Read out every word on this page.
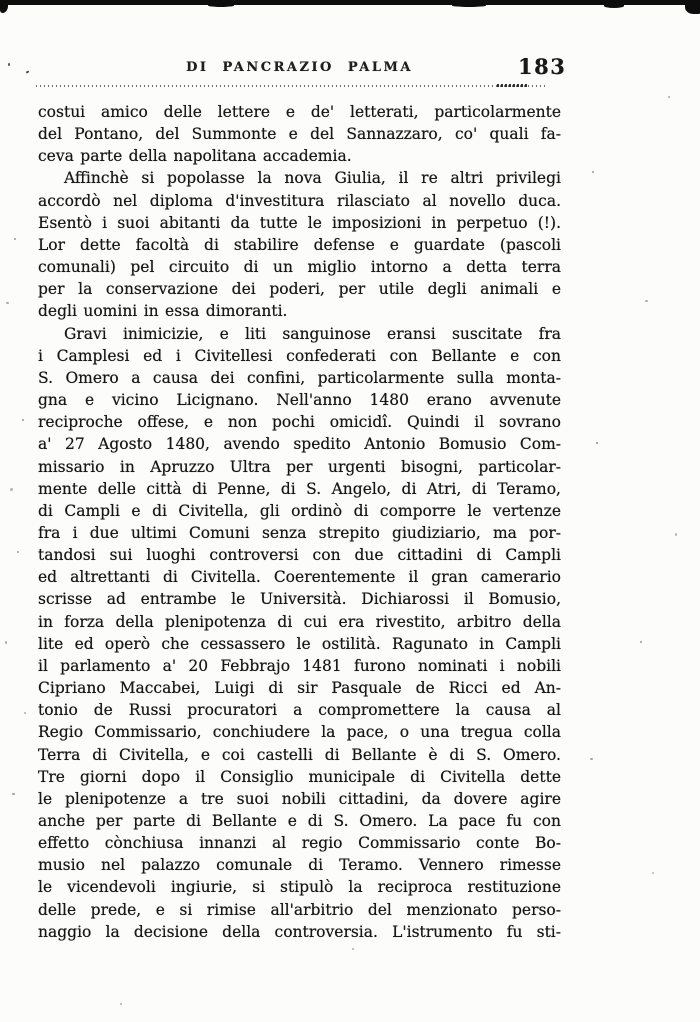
DI PANCRAZIO PALMA	183
costui amico delle lettere e de' letterati, particolarmente
del Pontano, del Summonte e del Sannazzaro, co' quali fa-
ceva parte della napolitana accademia.
Affinchè si popolasse la nova Giulia, il re altri privilegi
accordò nel diploma d'investitura rilasciato al novello duca.
Esentò i suoi abitanti da tutte le imposizioni in perpetuo (!).
Lor dette facoltà di stabilire defense e guardate (pascoli
comunali) pel circuito di un miglio intorno a detta terra
per la conservazione dei poderi, per utile degli animali e
degli uomini in essa dimoranti.
Gravi inimicizie, e liti sanguinose eransi suscitate fra
i Camplesi ed i Civitellesi confederati con Bellante e con
S. Omero a causa dei confini, particolarmente sulla monta-
gna e vicino Licignano. Nell'anno 1480 erano avvenute
reciproche offese, e non pochi omicidî. Quindi il sovrano
a' 27 Agosto 1480, avendo spedito Antonio Bomusio Com-
missario in Apruzzo Ultra per urgenti bisogni, particolar-
mente delle città di Penne, di S. Angelo, di Atri, di Teramo,
di Campli e di Civitella, gli ordinò di comporre le vertenze
fra i due ultimi Comuni senza strepito giudiziario, ma por-
tandosi sui luoghi controversi con due cittadini di Campli
ed altrettanti di Civitella. Coerentemente il gran camerario
scrisse ad entrambe le Università. Dichiarossi il Bomusio,
in forza della plenipotenza di cui era rivestito, arbitro della
lite ed operò che cessassero le ostilità. Ragunato in Campli
il parlamento a' 20 Febbrajo 1481 furono nominati i nobili
Cipriano Maccabei, Luigi di sir Pasquale de Ricci ed An-
tonio de Russi procuratori a compromettere la causa al
Regio Commissario, conchiudere la pace, o una tregua colla
Terra di Civitella, e coi castelli di Bellante è di S. Omero.
Tre giorni dopo il Consiglio municipale di Civitella dette
le plenipotenze a tre suoi nobili cittadini, da dovere agire
anche per parte di Bellante e di S. Omero. La pace fu con
effetto cònchiusa innanzi al regio Commissario conte Bo-
musio nel palazzo comunale di Teramo. Vennero rimesse
le vicendevoli ingiurie, si stipulò la reciproca restituzione
delle prede, e si rimise all'arbitrio del menzionato perso-
naggio la decisione della controversia. L'istrumento fu sti-
